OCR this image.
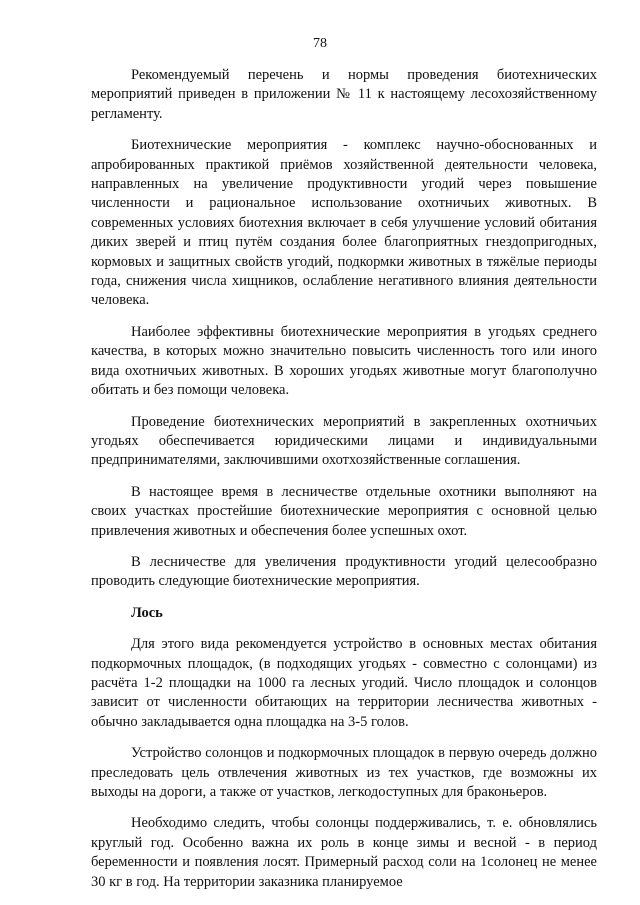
78

Рекомендуемый перечень и нормы проведения биотехнических мероприятий приведен в приложении № 11 к настоящему лесохозяйственному регламенту.

Биотехнические мероприятия - комплекс научно-обоснованных и апробированных практикой приёмов хозяйственной деятельности человека, направленных на увеличение продуктивности угодий через повышение численности и рациональное использование охотничьих животных. В современных условиях биотехния включает в себя улучшение условий обитания диких зверей и птиц путём создания более благоприятных гнездопригодных, кормовых и защитных свойств угодий, подкормки животных в тяжёлые периоды года, снижения числа хищников, ослабление негативного влияния деятельности человека.

Наиболее эффективны биотехнические мероприятия в угодьях среднего качества, в которых можно значительно повысить численность того или иного вида охотничьих животных. В хороших угодьях животные могут благополучно обитать и без помощи человека.

Проведение биотехнических мероприятий в закрепленных охотничьих угодьях обеспечивается юридическими лицами и индивидуальными предпринимателями, заключившими охотхозяйственные соглашения.

В настоящее время в лесничестве отдельные охотники выполняют на своих участках простейшие биотехнические мероприятия с основной целью привлечения животных и обеспечения более успешных охот.

В лесничестве для увеличения продуктивности угодий целесообразно проводить следующие биотехнические мероприятия.

Лось

Для этого вида рекомендуется устройство в основных местах обитания подкормочных площадок, (в подходящих угодьях - совместно с солонцами) из расчёта 1-2 площадки на 1000 га лесных угодий. Число площадок и солонцов зависит от численности обитающих на территории лесничества животных - обычно закладывается одна площадка на 3-5 голов.

Устройство солонцов и подкормочных площадок в первую очередь должно преследовать цель отвлечения животных из тех участков, где возможны их выходы на дороги, а также от участков, легкодоступных для браконьеров.

Необходимо следить, чтобы солонцы поддерживались, т. е. обновлялись круглый год. Особенно важна их роль в конце зимы и весной - в период беременности и появления лосят. Примерный расход соли на 1солонец не менее 30 кг в год. На территории заказника планируемое
